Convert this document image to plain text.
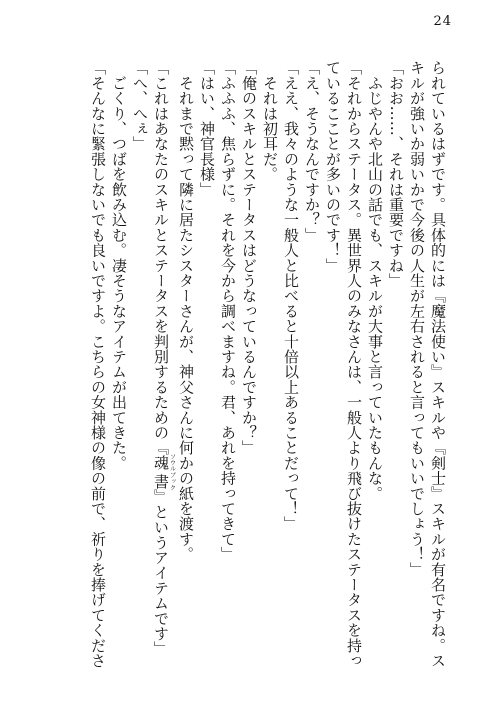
24
られているはずです。具体的には『魔法使い』スキルや『剣士』スキルが有名ですね。ス
キルが強いか弱いかで今後の人生が左右されると言ってもいいでしょう！」
「おお……、それは重要ですね」
　ふじやんや北山の話でも、スキルが大事と言っていたもんな。
「それからステータス。異世界人のみなさんは、一般人より飛び抜けたステータスを持っ
ているこことが多いのです！」
「え、そうなんですか？」
「ええ、我々のような一般人と比べると十倍以上あることだって！」
　それは初耳だ。
「俺のスキルとステータスはどうなっているんですか？」
「ふふふ、焦らずに。それを今から調べますね。君、あれを持ってきて」
「はい、神官長様」
　それまで黙って隣に居たシスターさんが、神父さんに何かの紙を渡す。
「これはあなたのスキルとステータスを判別するための『魂書ソウルブック』というアイテムです」
「へ、へぇ」
　ごくり、つばを飲み込む。凄そうなアイテムが出てきた。
「そんなに緊張しないでも良いですよ。こちらの女神様の像の前で、祈りを捧げてくださ
